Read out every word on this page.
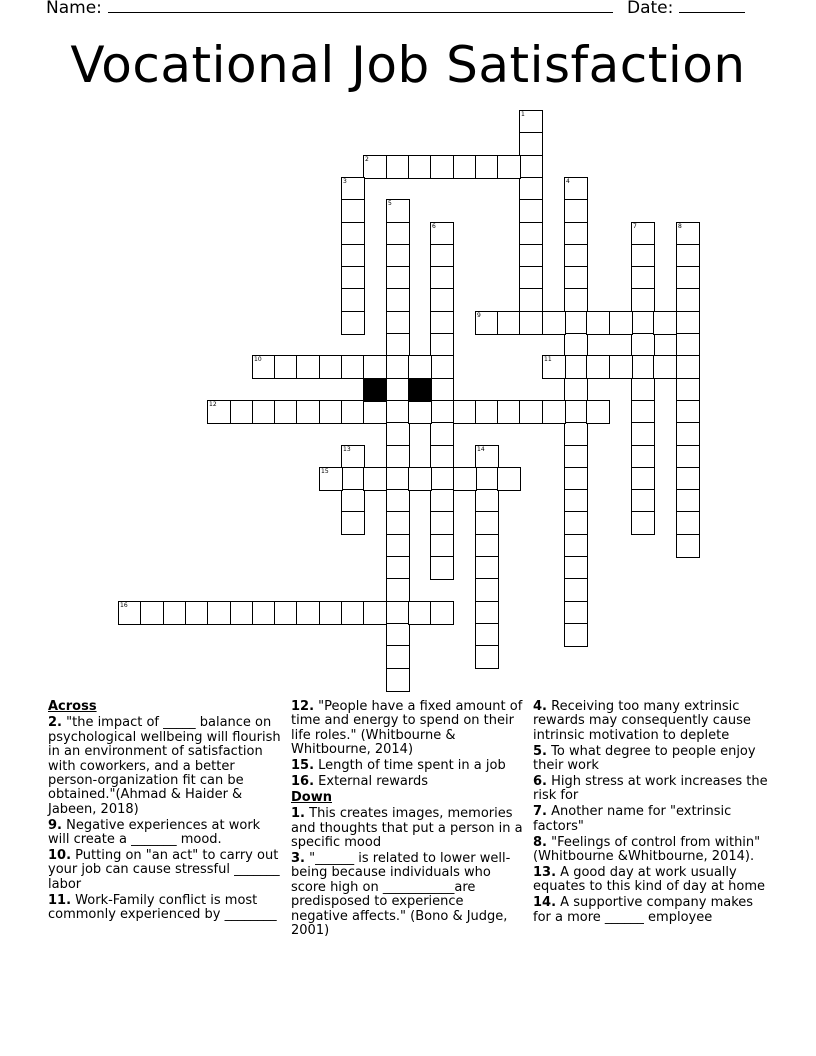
Name:	Date:
Vocational Job Satisfaction
1
2
3	4
5
6	7	8
9
10	11
12
13	14
15
16
Across
2. "the impact of _____ balance on psychological wellbeing will flourish in an environment of satisfaction with coworkers, and a better person-organization fit can be obtained."(Ahmad & Haider & Jabeen, 2018)
9. Negative experiences at work will create a _______ mood.
10. Putting on "an act" to carry out your job can cause stressful _______ labor
11. Work-Family conflict is most commonly experienced by ________
12. "People have a fixed amount of time and energy to spend on their life roles." (Whitbourne & Whitbourne, 2014)
15. Length of time spent in a job
16. External rewards
Down
1. This creates images, memories and thoughts that put a person in a specific mood
3. "______ is related to lower well-being because individuals who score high on ___________are predisposed to experience negative affects." (Bono & Judge, 2001)
4. Receiving too many extrinsic rewards may consequently cause intrinsic motivation to deplete
5. To what degree to people enjoy their work
6. High stress at work increases the risk for
7. Another name for "extrinsic factors"
8. "Feelings of control from within" (Whitbourne &Whitbourne, 2014).
13. A good day at work usually equates to this kind of day at home
14. A supportive company makes for a more ______ employee
